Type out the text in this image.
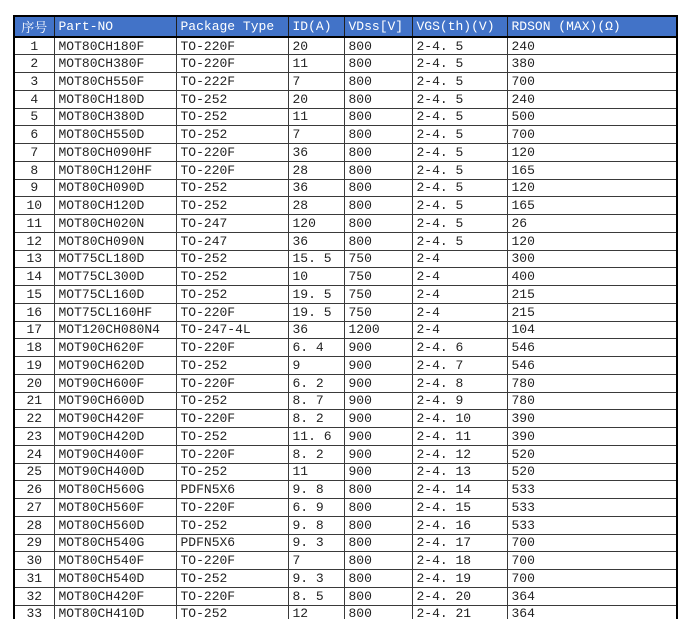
序号	Part-NO	Package Type	ID(A)	VDss[V]	VGS(th)(V)	RDSON (MAX)(Ω)
1	MOT80CH180F	TO-220F	20	800	2-4. 5	240
2	MOT80CH380F	TO-220F	11	800	2-4. 5	380
3	MOT80CH550F	TO-222F	7	800	2-4. 5	700
4	MOT80CH180D	TO-252	20	800	2-4. 5	240
5	MOT80CH380D	TO-252	11	800	2-4. 5	500
6	MOT80CH550D	TO-252	7	800	2-4. 5	700
7	MOT80CH090HF	TO-220F	36	800	2-4. 5	120
8	MOT80CH120HF	TO-220F	28	800	2-4. 5	165
9	MOT80CH090D	TO-252	36	800	2-4. 5	120
10	MOT80CH120D	TO-252	28	800	2-4. 5	165
11	MOT80CH020N	TO-247	120	800	2-4. 5	26
12	MOT80CH090N	TO-247	36	800	2-4. 5	120
13	MOT75CL180D	TO-252	15. 5	750	2-4	300
14	MOT75CL300D	TO-252	10	750	2-4	400
15	MOT75CL160D	TO-252	19. 5	750	2-4	215
16	MOT75CL160HF	TO-220F	19. 5	750	2-4	215
17	MOT120CH080N4	TO-247-4L	36	1200	2-4	104
18	MOT90CH620F	TO-220F	6. 4	900	2-4. 6	546
19	MOT90CH620D	TO-252	9	900	2-4. 7	546
20	MOT90CH600F	TO-220F	6. 2	900	2-4. 8	780
21	MOT90CH600D	TO-252	8. 7	900	2-4. 9	780
22	MOT90CH420F	TO-220F	8. 2	900	2-4. 10	390
23	MOT90CH420D	TO-252	11. 6	900	2-4. 11	390
24	MOT90CH400F	TO-220F	8. 2	900	2-4. 12	520
25	MOT90CH400D	TO-252	11	900	2-4. 13	520
26	MOT80CH560G	PDFN5X6	9. 8	800	2-4. 14	533
27	MOT80CH560F	TO-220F	6. 9	800	2-4. 15	533
28	MOT80CH560D	TO-252	9. 8	800	2-4. 16	533
29	MOT80CH540G	PDFN5X6	9. 3	800	2-4. 17	700
30	MOT80CH540F	TO-220F	7	800	2-4. 18	700
31	MOT80CH540D	TO-252	9. 3	800	2-4. 19	700
32	MOT80CH420F	TO-220F	8. 5	800	2-4. 20	364
33	MOT80CH410D	TO-252	12	800	2-4. 21	364
